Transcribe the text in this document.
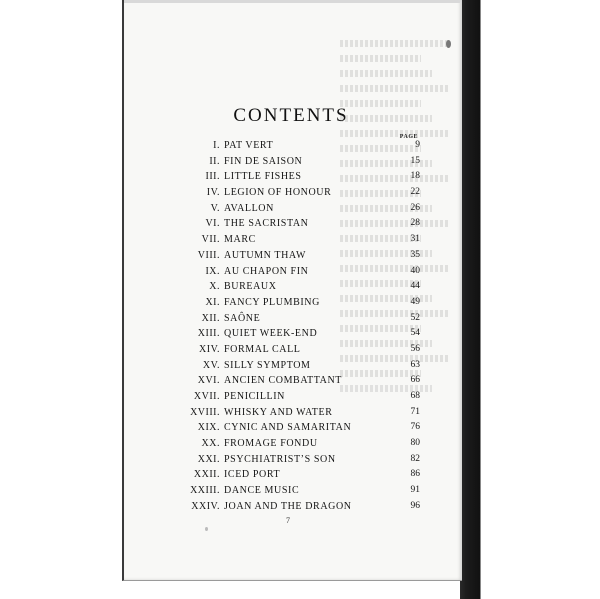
CONTENTS
PAGE
I. PAT VERT	9
II. FIN DE SAISON	15
III. LITTLE FISHES	18
IV. LEGION OF HONOUR	22
V. AVALLON	26
VI. THE SACRISTAN	28
VII. MARC	31
VIII. AUTUMN THAW	35
IX. AU CHAPON FIN	40
X. BUREAUX	44
XI. FANCY PLUMBING	49
XII. SAÔNE	52
XIII. QUIET WEEK-END	54
XIV. FORMAL CALL	56
XV. SILLY SYMPTOM	63
XVI. ANCIEN COMBATTANT	66
XVII. PENICILLIN	68
XVIII. WHISKY AND WATER	71
XIX. CYNIC AND SAMARITAN	76
XX. FROMAGE FONDU	80
XXI. PSYCHIATRIST’S SON	82
XXII. ICED PORT	86
XXIII. DANCE MUSIC	91
XXIV. JOAN AND THE DRAGON	96
7
